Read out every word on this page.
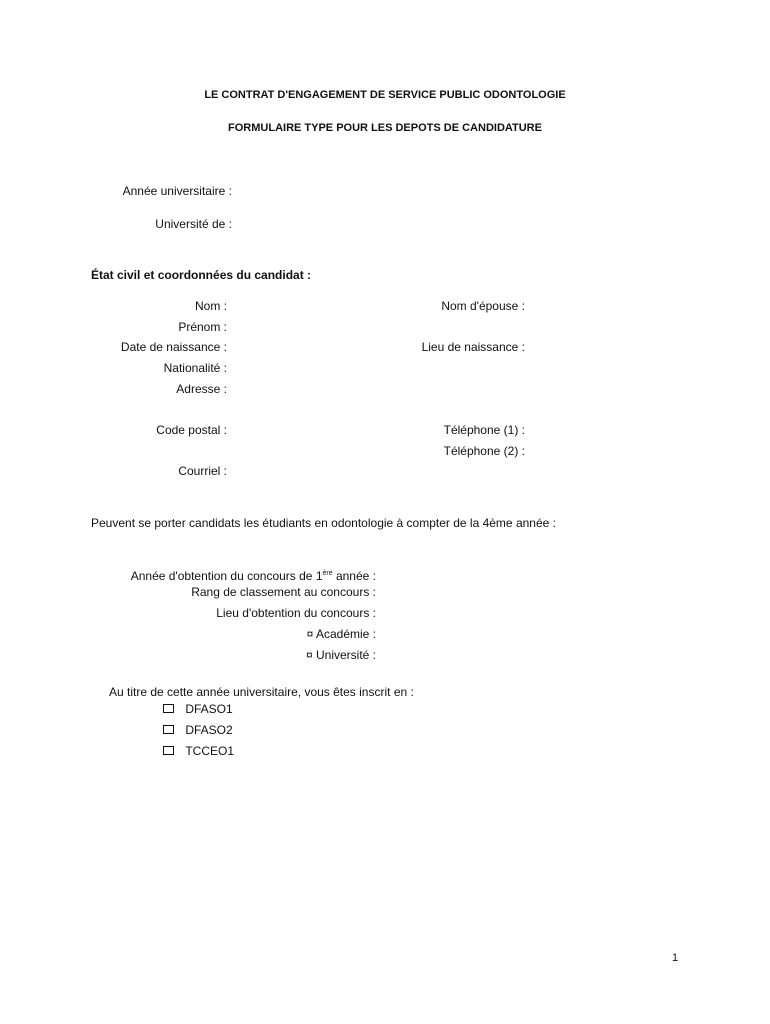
LE CONTRAT D'ENGAGEMENT DE SERVICE PUBLIC ODONTOLOGIE
FORMULAIRE TYPE POUR LES DEPOTS DE CANDIDATURE
Année universitaire :
Université de :
État civil et coordonnées du candidat :
Nom :
Prénom :
Date de naissance :
Nationalité :
Adresse :
Code postal :
Courriel :
Nom d'épouse :
Lieu de naissance :
Téléphone (1) :
Téléphone (2) :
Peuvent se porter candidats les étudiants en odontologie à compter de la 4ème année :
Année d'obtention du concours de 1ère année :
Rang de classement au concours :
Lieu d'obtention du concours :
¤ Académie :
¤ Université :
Au titre de cette année universitaire, vous êtes inscrit en :
DFASO1
DFASO2
TCCEO1
1
